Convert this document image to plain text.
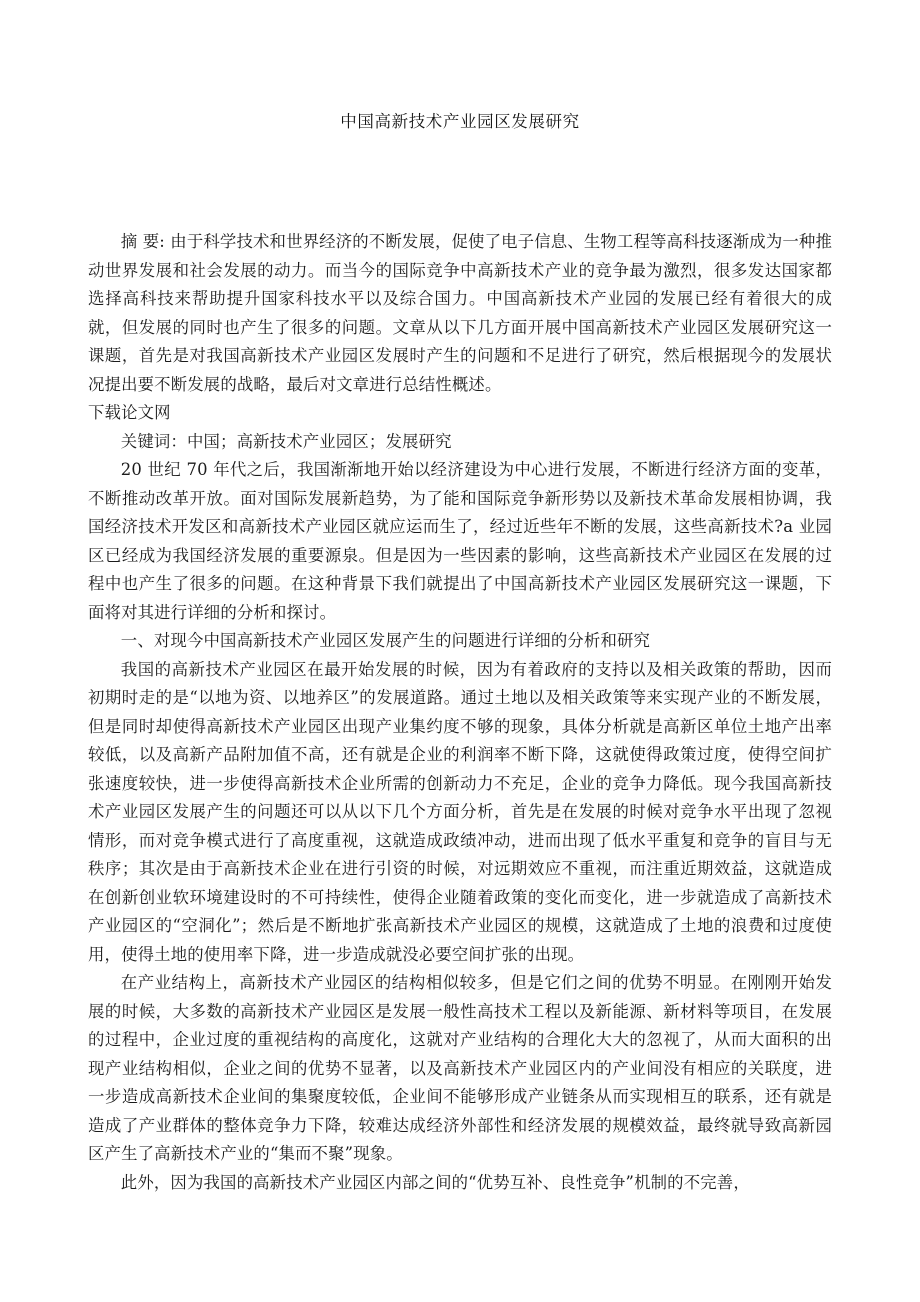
中国高新技术产业园区发展研究

摘 要: 由于科学技术和世界经济的不断发展，促使了电子信息、生物工程等高科技逐渐成为一种推动世界发展和社会发展的动力。而当今的国际竞争中高新技术产业的竞争最为激烈，很多发达国家都选择高科技来帮助提升国家科技水平以及综合国力。中国高新技术产业园的发展已经有着很大的成就，但发展的同时也产生了很多的问题。文章从以下几方面开展中国高新技术产业园区发展研究这一课题，首先是对我国高新技术产业园区发展时产生的问题和不足进行了研究，然后根据现今的发展状况提出要不断发展的战略，最后对文章进行总结性概述。

下载论文网

关键词：中国；高新技术产业园区；发展研究

20 世纪 70 年代之后，我国渐渐地开始以经济建设为中心进行发展，不断进行经济方面的变革，不断推动改革开放。面对国际发展新趋势，为了能和国际竞争新形势以及新技术革命发展相协调，我国经济技术开发区和高新技术产业园区就应运而生了，经过近些年不断的发展，这些高新技术?a 业园区已经成为我国经济发展的重要源泉。但是因为一些因素的影响，这些高新技术产业园区在发展的过程中也产生了很多的问题。在这种背景下我们就提出了中国高新技术产业园区发展研究这一课题，下面将对其进行详细的分析和探讨。

一、对现今中国高新技术产业园区发展产生的问题进行详细的分析和研究

我国的高新技术产业园区在最开始发展的时候，因为有着政府的支持以及相关政策的帮助，因而初期时走的是“以地为资、以地养区”的发展道路。通过土地以及相关政策等来实现产业的不断发展，但是同时却使得高新技术产业园区出现产业集约度不够的现象，具体分析就是高新区单位土地产出率较低，以及高新产品附加值不高，还有就是企业的利润率不断下降，这就使得政策过度，使得空间扩张速度较快，进一步使得高新技术企业所需的创新动力不充足，企业的竞争力降低。现今我国高新技术产业园区发展产生的问题还可以从以下几个方面分析，首先是在发展的时候对竞争水平出现了忽视情形，而对竞争模式进行了高度重视，这就造成政绩冲动，进而出现了低水平重复和竞争的盲目与无秩序；其次是由于高新技术企业在进行引资的时候，对远期效应不重视，而注重近期效益，这就造成在创新创业软环境建设时的不可持续性，使得企业随着政策的变化而变化，进一步就造成了高新技术产业园区的“空洞化”；然后是不断地扩张高新技术产业园区的规模，这就造成了土地的浪费和过度使用，使得土地的使用率下降，进一步造成就没必要空间扩张的出现。

在产业结构上，高新技术产业园区的结构相似较多，但是它们之间的优势不明显。在刚刚开始发展的时候，大多数的高新技术产业园区是发展一般性高技术工程以及新能源、新材料等项目，在发展的过程中，企业过度的重视结构的高度化，这就对产业结构的合理化大大的忽视了，从而大面积的出现产业结构相似，企业之间的优势不显著，以及高新技术产业园区内的产业间没有相应的关联度，进一步造成高新技术企业间的集聚度较低，企业间不能够形成产业链条从而实现相互的联系，还有就是造成了产业群体的整体竞争力下降，较难达成经济外部性和经济发展的规模效益，最终就导致高新园区产生了高新技术产业的“集而不聚”现象。

此外，因为我国的高新技术产业园区内部之间的“优势互补、良性竞争”机制的不完善，
